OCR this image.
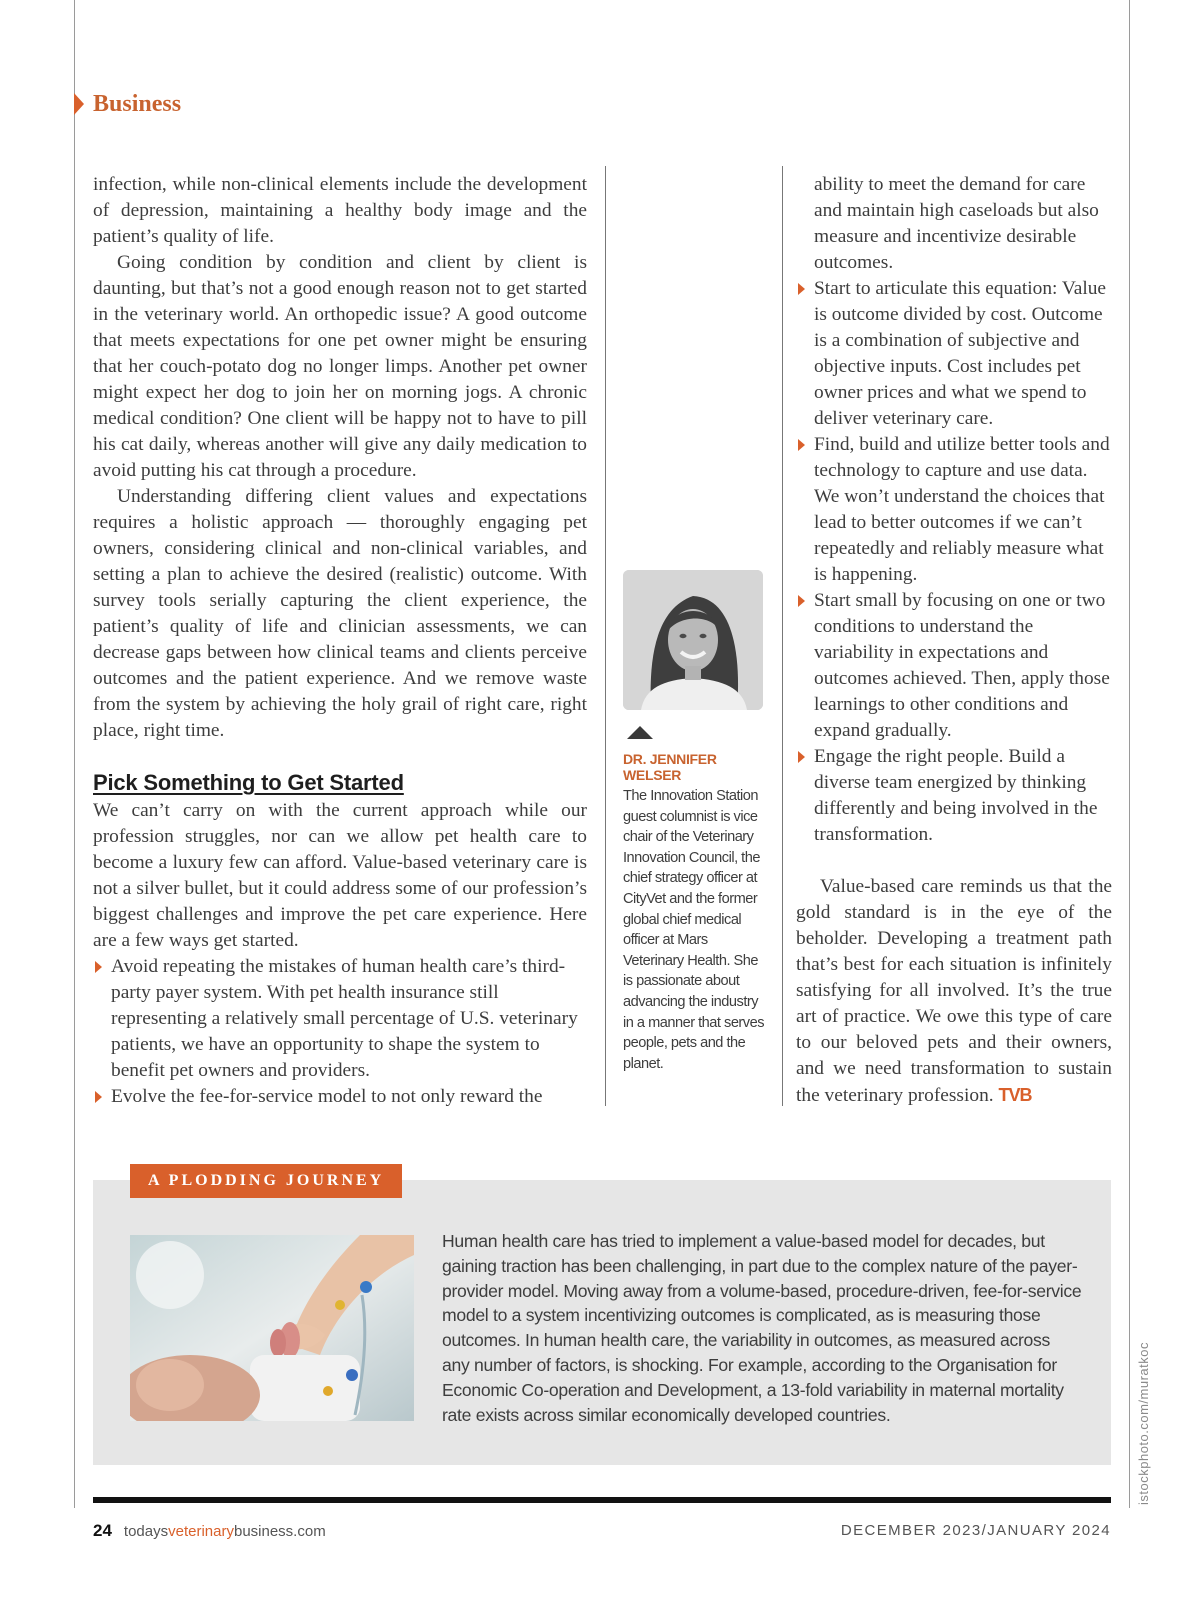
Business

infection, while non-clinical elements include the development of depression, maintaining a healthy body image and the patient’s quality of life.

Going condition by condition and client by client is daunting, but that’s not a good enough reason not to get started in the veterinary world. An orthopedic issue? A good outcome that meets expectations for one pet owner might be ensuring that her couch-potato dog no longer limps. Another pet owner might expect her dog to join her on morning jogs. A chronic medical condition? One client will be happy not to have to pill his cat daily, whereas another will give any daily medication to avoid putting his cat through a procedure.

Understanding differing client values and expectations requires a holistic approach — thoroughly engaging pet owners, considering clinical and non-clinical variables, and setting a plan to achieve the desired (realistic) outcome. With survey tools serially capturing the client experience, the patient’s quality of life and clinician assessments, we can decrease gaps between how clinical teams and clients perceive outcomes and the patient experience. And we remove waste from the system by achieving the holy grail of right care, right place, right time.

Pick Something to Get Started

We can’t carry on with the current approach while our profession struggles, nor can we allow pet health care to become a luxury few can afford. Value-based veterinary care is not a silver bullet, but it could address some of our profession’s biggest challenges and improve the pet care experience. Here are a few ways get started.

Avoid repeating the mistakes of human health care’s third-party payer system. With pet health insurance still representing a relatively small percentage of U.S. veterinary patients, we have an opportunity to shape the system to benefit pet owners and providers.
Evolve the fee-for-service model to not only reward the
DR. JENNIFER WELSER
The Innovation Station guest columnist is vice chair of the Veterinary Innovation Council, the chief strategy officer at CityVet and the former global chief medical officer at Mars Veterinary Health. She is passionate about advancing the industry in a manner that serves people, pets and the planet.

ability to meet the demand for care and maintain high caseloads but also measure and incentivize desirable outcomes.

Start to articulate this equation: Value is outcome divided by cost. Outcome is a combination of subjective and objective inputs. Cost includes pet owner prices and what we spend to deliver veterinary care.
Find, build and utilize better tools and technology to capture and use data. We won’t understand the choices that lead to better outcomes if we can’t repeatedly and reliably measure what is happening.
Start small by focusing on one or two conditions to understand the variability in expectations and outcomes achieved. Then, apply those learnings to other conditions and expand gradually.
Engage the right people. Build a diverse team energized by thinking differently and being involved in the transformation.

Value-based care reminds us that the gold standard is in the eye of the beholder. Developing a treatment path that’s best for each situation is infinitely satisfying for all involved. It’s the true art of practice. We owe this type of care to our beloved pets and their owners, and we need transformation to sustain the veterinary profession. TVB

A PLODDING JOURNEY
Human health care has tried to implement a value-based model for decades, but gaining traction has been challenging, in part due to the complex nature of the payer-provider model. Moving away from a volume-based, procedure-driven, fee-for-service model to a system incentivizing outcomes is complicated, as is measuring those outcomes. In human health care, the variability in outcomes, as measured across any number of factors, is shocking. For example, according to the Organisation for Economic Co-operation and Development, a 13-fold variability in maternal mortality rate exists across similar economically developed countries.	istockphoto.com/muratkoc
24 todaysveterinarybusiness.com	DECEMBER 2023/JANUARY 2024
